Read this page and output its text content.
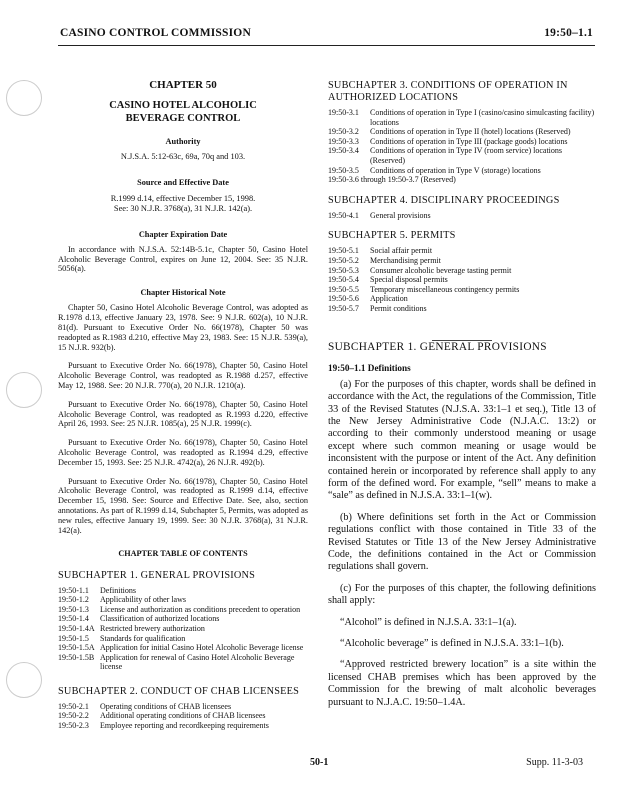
CASINO CONTROL COMMISSION	19:50–1.1
CHAPTER 50
CASINO HOTEL ALCOHOLIC
BEVERAGE CONTROL
Authority
N.J.S.A. 5:12-63c, 69a, 70q and 103.
Source and Effective Date
R.1999 d.14, effective December 15, 1998.
See: 30 N.J.R. 3768(a), 31 N.J.R. 142(a).
Chapter Expiration Date

In accordance with N.J.S.A. 52:14B-5.1c, Chapter 50, Casino Hotel Alcoholic Beverage Control, expires on June 12, 2004. See: 35 N.J.R. 5056(a).

Chapter Historical Note

Chapter 50, Casino Hotel Alcoholic Beverage Control, was adopted as R.1978 d.13, effective January 23, 1978. See: 9 N.J.R. 602(a), 10 N.J.R. 81(d). Pursuant to Executive Order No. 66(1978), Chapter 50 was readopted as R.1983 d.210, effective May 23, 1983. See: 15 N.J.R. 539(a), 15 N.J.R. 932(b).

Pursuant to Executive Order No. 66(1978), Chapter 50, Casino Hotel Alcoholic Beverage Control, was readopted as R.1988 d.257, effective May 12, 1988. See: 20 N.J.R. 770(a), 20 N.J.R. 1210(a).

Pursuant to Executive Order No. 66(1978), Chapter 50, Casino Hotel Alcoholic Beverage Control, was readopted as R.1993 d.220, effective April 26, 1993. See: 25 N.J.R. 1085(a), 25 N.J.R. 1999(c).

Pursuant to Executive Order No. 66(1978), Chapter 50, Casino Hotel Alcoholic Beverage Control, was readopted as R.1994 d.29, effective December 15, 1993. See: 25 N.J.R. 4742(a), 26 N.J.R. 492(b).

Pursuant to Executive Order No. 66(1978), Chapter 50, Casino Hotel Alcoholic Beverage Control, was readopted as R.1999 d.14, effective December 15, 1998. See: Source and Effective Date. See, also, section annotations. As part of R.1999 d.14, Subchapter 5, Permits, was adopted as new rules, effective January 19, 1999. See: 30 N.J.R. 3768(a), 31 N.J.R. 142(a).

CHAPTER TABLE OF CONTENTS
SUBCHAPTER 1. GENERAL PROVISIONS
19:50-1.1	Definitions
19:50-1.2	Applicability of other laws
19:50-1.3	License and authorization as conditions precedent to operation
19:50-1.4	Classification of authorized locations
19:50-1.4A Restricted brewery authorization
19:50-1.5	Standards for qualification
19:50-1.5A Application for initial Casino Hotel Alcoholic Beverage license
19:50-1.5B Application for renewal of Casino Hotel Alcoholic Beverage license
SUBCHAPTER 2. CONDUCT OF CHAB LICENSEES
19:50-2.1	Operating conditions of CHAB licensees
19:50-2.2	Additional operating conditions of CHAB licensees
19:50-2.3	Employee reporting and recordkeeping requirements
SUBCHAPTER 3. CONDITIONS OF OPERATION IN AUTHORIZED LOCATIONS
19:50-3.1	Conditions of operation in Type I (casino/casino simulcasting facility) locations
19:50-3.2	Conditions of operation in Type II (hotel) locations (Reserved)
19:50-3.3	Conditions of operation in Type III (package goods) locations
19:50-3.4	Conditions of operation in Type IV (room service) locations (Reserved)
19:50-3.5	Conditions of operation in Type V (storage) locations
19:50-3.6 through 19:50-3.7 (Reserved)
SUBCHAPTER 4. DISCIPLINARY PROCEEDINGS
19:50-4.1	General provisions
SUBCHAPTER 5. PERMITS
19:50-5.1	Social affair permit
19:50-5.2	Merchandising permit
19:50-5.3	Consumer alcoholic beverage tasting permit
19:50-5.4	Special disposal permits
19:50-5.5	Temporary miscellaneous contingency permits
19:50-5.6	Application
19:50-5.7	Permit conditions
SUBCHAPTER 1. GENERAL PROVISIONS
19:50–1.1 Definitions

(a) For the purposes of this chapter, words shall be defined in accordance with the Act, the regulations of the Commission, Title 33 of the Revised Statutes (N.J.S.A. 33:1–1 et seq.), Title 13 of the New Jersey Administrative Code (N.J.A.C. 13:2) or according to their commonly understood meaning or usage except where such common meaning or usage would be inconsistent with the purpose or intent of the Act. Any definition contained herein or incorporated by reference shall apply to any form of the defined word. For example, “sell” means to make a “sale” as defined in N.J.S.A. 33:1–1(w).

(b) Where definitions set forth in the Act or Commission regulations conflict with those contained in Title 33 of the Revised Statutes or Title 13 of the New Jersey Administrative Code, the definitions contained in the Act or Commission regulations shall govern.

(c) For the purposes of this chapter, the following definitions shall apply:

“Alcohol” is defined in N.J.S.A. 33:1–1(a).

“Alcoholic beverage” is defined in N.J.S.A. 33:1–1(b).

“Approved restricted brewery location” is a site within the licensed CHAB premises which has been approved by the Commission for the brewing of malt alcoholic beverages pursuant to N.J.A.C. 19:50–1.4A.

50-1	Supp. 11-3-03
